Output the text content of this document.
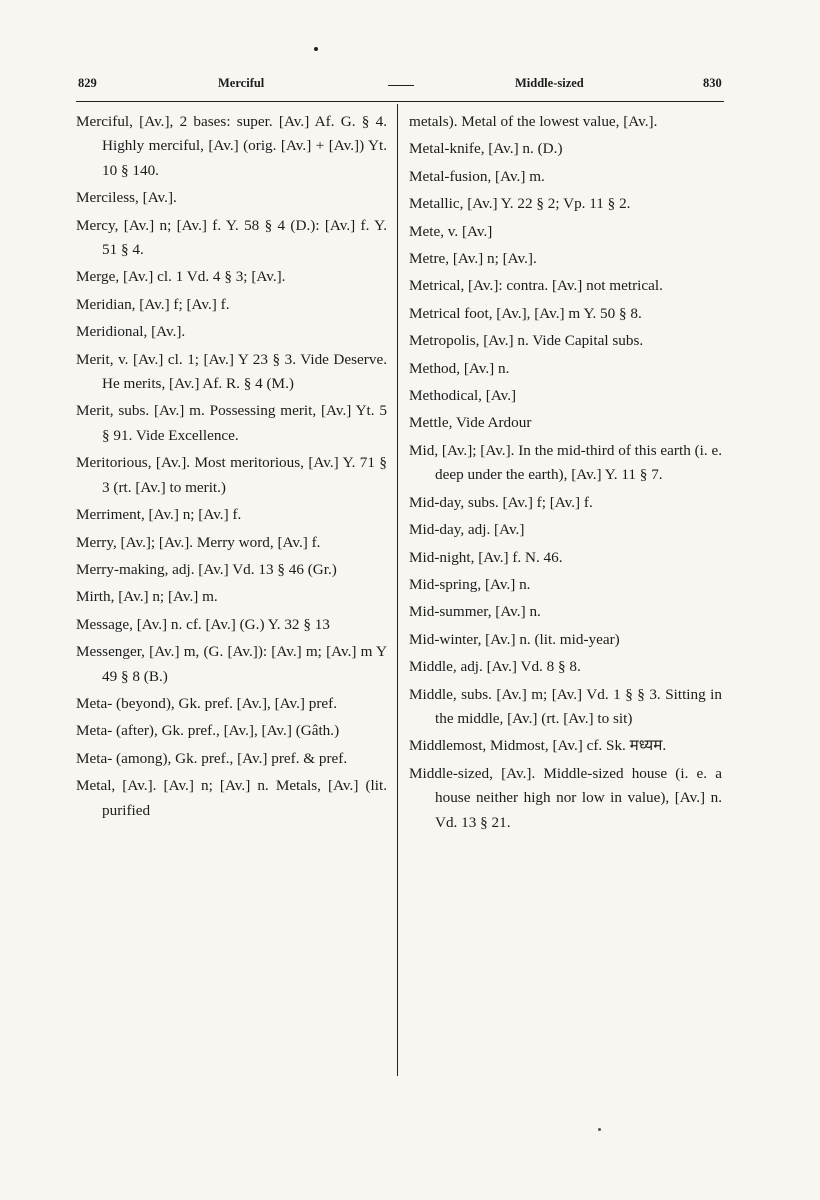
829	Merciful	Middle-sized	830
Merciful, [Av.], 2 bases: super. [Av.] Af. G. § 4. Highly merciful, [Av.] (orig. [Av.] + [Av.]) Yt. 10 § 140.
Merciless, [Av.].
Mercy, [Av.] n; [Av.] f. Y. 58 § 4 (D.): [Av.] f. Y. 51 § 4.
Merge, [Av.] cl. 1 Vd. 4 § 3; [Av.].
Meridian, [Av.] f; [Av.] f.
Meridional, [Av.].
Merit, v. [Av.] cl. 1; [Av.] Y 23 § 3. Vide Deserve. He merits, [Av.] Af. R. § 4 (M.)
Merit, subs. [Av.] m. Possessing merit, [Av.] Yt. 5 § 91. Vide Excellence.
Meritorious, [Av.]. Most meritorious, [Av.] Y. 71 § 3 (rt. [Av.] to merit.)
Merriment, [Av.] n; [Av.] f.
Merry, [Av.]; [Av.]. Merry word, [Av.] f.
Merry-making, adj. [Av.] Vd. 13 § 46 (Gr.)
Mirth, [Av.] n; [Av.] m.
Message, [Av.] n. cf. [Av.] (G.) Y. 32 § 13
Messenger, [Av.] m, (G. [Av.]): [Av.] m; [Av.] m Y 49 § 8 (B.)
Meta- (beyond), Gk. pref. [Av.], [Av.] pref.
Meta- (after), Gk. pref., [Av.], [Av.] (Gâth.)
Meta- (among), Gk. pref., [Av.] pref. & pref.
Metal, [Av.]. [Av.] n; [Av.] n. Metals, [Av.] (lit. purified
metals). Metal of the lowest value, [Av.].
Metal-knife, [Av.] n. (D.)
Metal-fusion, [Av.] m.
Metallic, [Av.] Y. 22 § 2; Vp. 11 § 2.
Mete, v. [Av.]
Metre, [Av.] n; [Av.].
Metrical, [Av.]: contra. [Av.] not metrical.
Metrical foot, [Av.], [Av.] m Y. 50 § 8.
Metropolis, [Av.] n. Vide Capital subs.
Method, [Av.] n.
Methodical, [Av.]
Mettle, Vide Ardour
Mid, [Av.]; [Av.]. In the mid-third of this earth (i. e. deep under the earth), [Av.] Y. 11 § 7.
Mid-day, subs. [Av.] f; [Av.] f.
Mid-day, adj. [Av.]
Mid-night, [Av.] f. N. 46.
Mid-spring, [Av.] n.
Mid-summer, [Av.] n.
Mid-winter, [Av.] n. (lit. mid-year)
Middle, adj. [Av.] Vd. 8 § 8.
Middle, subs. [Av.] m; [Av.] Vd. 1 § § 3. Sitting in the middle, [Av.] (rt. [Av.] to sit)
Middlemost, Midmost, [Av.] cf. Sk. मध्यम.
Middle-sized, [Av.]. Middle-sized house (i. e. a house neither high nor low in value), [Av.] n. Vd. 13 § 21.
